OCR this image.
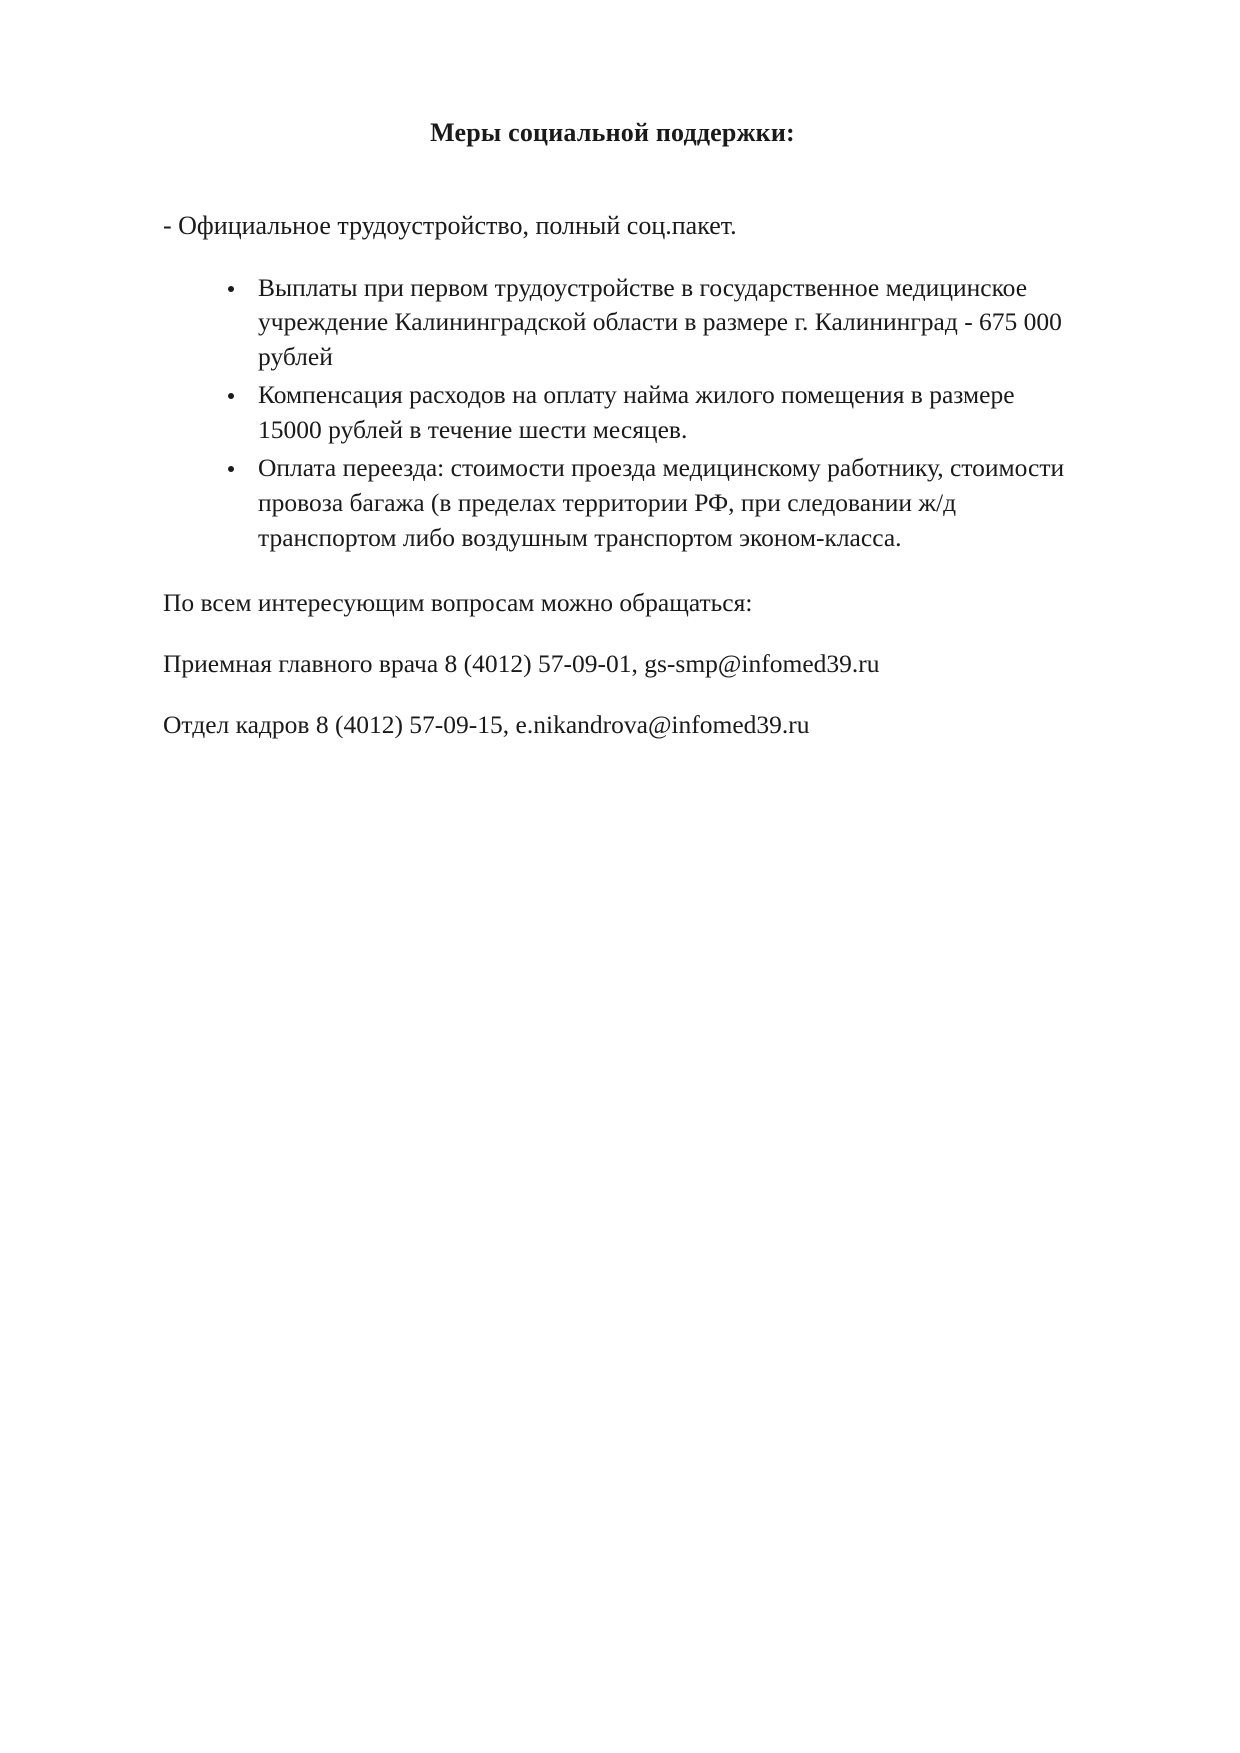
Меры социальной поддержки:

- Официальное трудоустройство, полный соц.пакет.

Выплаты при первом трудоустройстве в государственное медицинское учреждение Калининградской области в размере г. Калининград - 675 000 рублей
Компенсация расходов на оплату найма жилого помещения в размере 15000 рублей в течение шести месяцев.
Оплата переезда: стоимости проезда медицинскому работнику, стоимости провоза багажа (в пределах территории РФ, при следовании ж/д транспортом либо воздушным транспортом эконом-класса.

По всем интересующим вопросам можно обращаться:

Приемная главного врача 8 (4012) 57-09-01, gs-smp@infomed39.ru

Отдел кадров 8 (4012) 57-09-15, e.nikandrova@infomed39.ru
